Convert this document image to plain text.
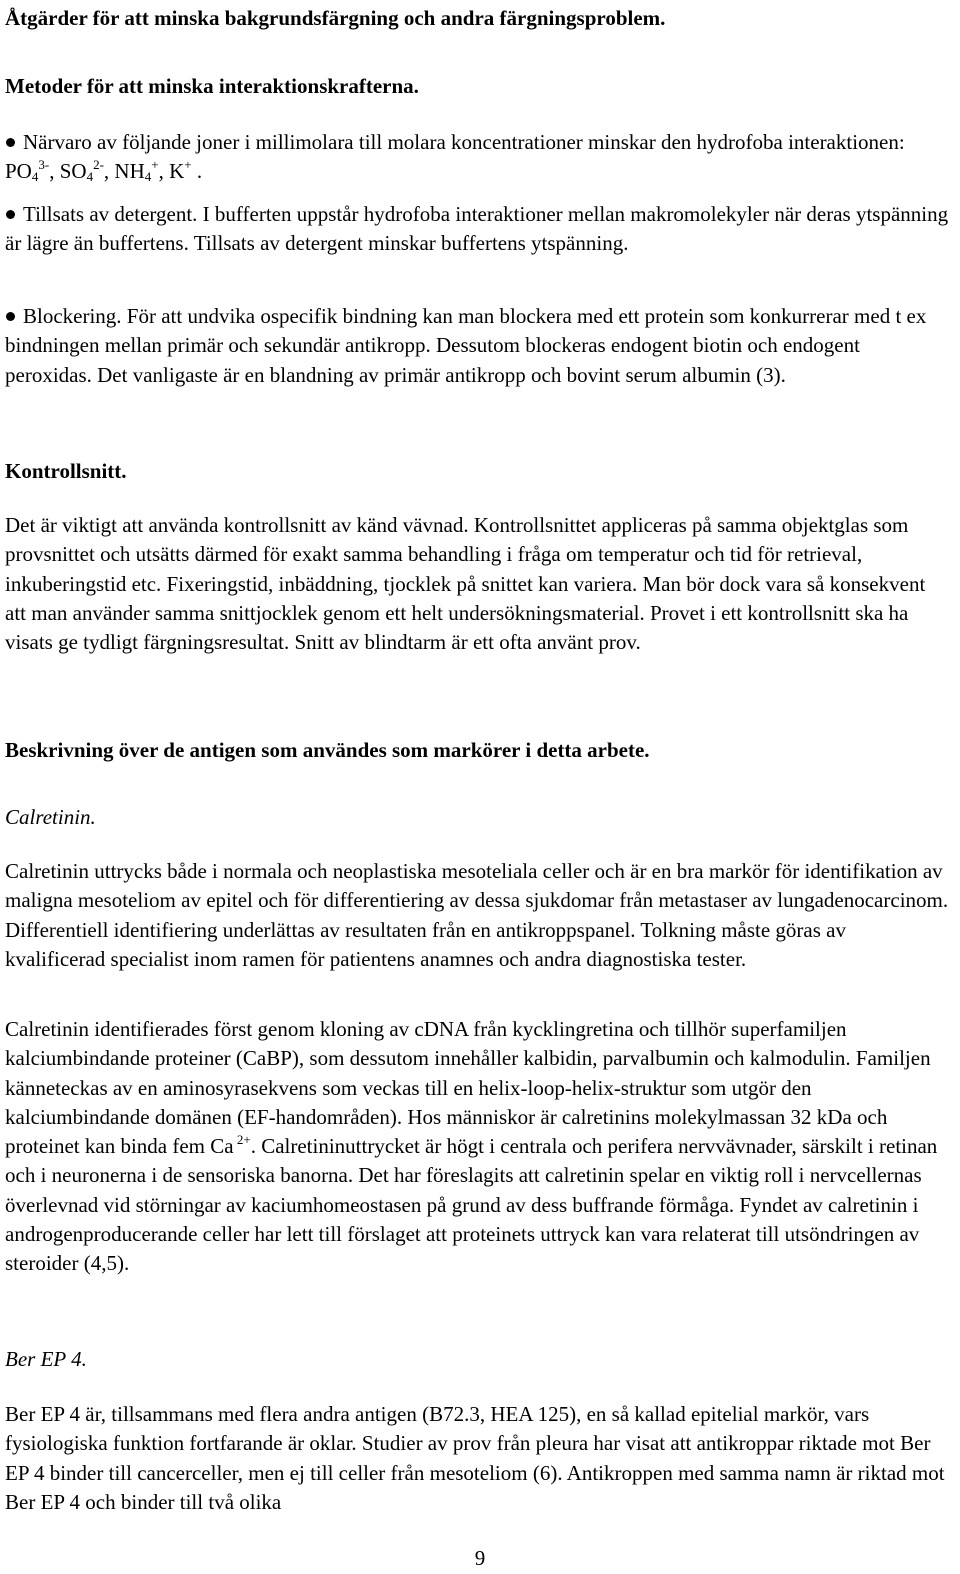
Åtgärder för att minska bakgrundsfärgning och andra färgningsproblem.

Metoder för att minska interaktionskrafterna.

Närvaro av följande joner i millimolara till molara koncentrationer minskar den hydrofoba interaktionen: $PO_4^{3-}$, $SO_4^{2-}$, $NH_4^+$, K+ .
Tillsats av detergent. I bufferten uppstår hydrofoba interaktioner mellan makromolekyler när deras ytspänning är lägre än buffertens. Tillsats av detergent minskar buffertens ytspänning.
Blockering. För att undvika ospecifik bindning kan man blockera med ett protein som konkurrerar med t ex bindningen mellan primär och sekundär antikropp. Dessutom blockeras endogent biotin och endogent peroxidas. Det vanligaste är en blandning av primär antikropp och bovint serum albumin (3).

Kontrollsnitt.

Det är viktigt att använda kontrollsnitt av känd vävnad. Kontrollsnittet appliceras på samma objektglas som provsnittet och utsätts därmed för exakt samma behandling i fråga om temperatur och tid för retrieval, inkuberingstid etc. Fixeringstid, inbäddning, tjocklek på snittet kan variera. Man bör dock vara så konsekvent att man använder samma snittjocklek genom ett helt undersökningsmaterial. Provet i ett kontrollsnitt ska ha visats ge tydligt färgningsresultat. Snitt av blindtarm är ett ofta använt prov.

Beskrivning över de antigen som användes som markörer i detta arbete.

Calretinin.

Calretinin uttrycks både i normala och neoplastiska mesoteliala celler och är en bra markör för identifikation av maligna mesoteliom av epitel och för differentiering av dessa sjukdomar från metastaser av lungadenocarcinom. Differentiell identifiering underlättas av resultaten från en antikroppspanel. Tolkning måste göras av kvalificerad specialist inom ramen för patientens anamnes och andra diagnostiska tester.

Calretinin identifierades först genom kloning av cDNA från kycklingretina och tillhör superfamiljen kalciumbindande proteiner (CaBP), som dessutom innehåller kalbidin, parvalbumin och kalmodulin. Familjen känneteckas av en aminosyrasekvens som veckas till en helix-loop-helix-struktur som utgör den kalciumbindande domänen (EF-handområden). Hos människor är calretinins molekylmassan 32 kDa och proteinet kan binda fem Ca $^{2+}$. Calretininuttrycket är högt i centrala och perifera nervvävnader, särskilt i retinan och i neuronerna i de sensoriska banorna. Det har föreslagits att calretinin spelar en viktig roll i nervcellernas överlevnad vid störningar av kaciumhomeostasen på grund av dess buffrande förmåga. Fyndet av calretinin i androgenproducerande celler har lett till förslaget att proteinets uttryck kan vara relaterat till utsöndringen av steroider (4,5).

Ber EP 4.

Ber EP 4 är, tillsammans med flera andra antigen (B72.3, HEA 125), en så kallad epitelial markör, vars fysiologiska funktion fortfarande är oklar. Studier av prov från pleura har visat att antikroppar riktade mot Ber EP 4 binder till cancerceller, men ej till celler från mesoteliom (6). Antikroppen med samma namn är riktad mot Ber EP 4 och binder till två olika

9
